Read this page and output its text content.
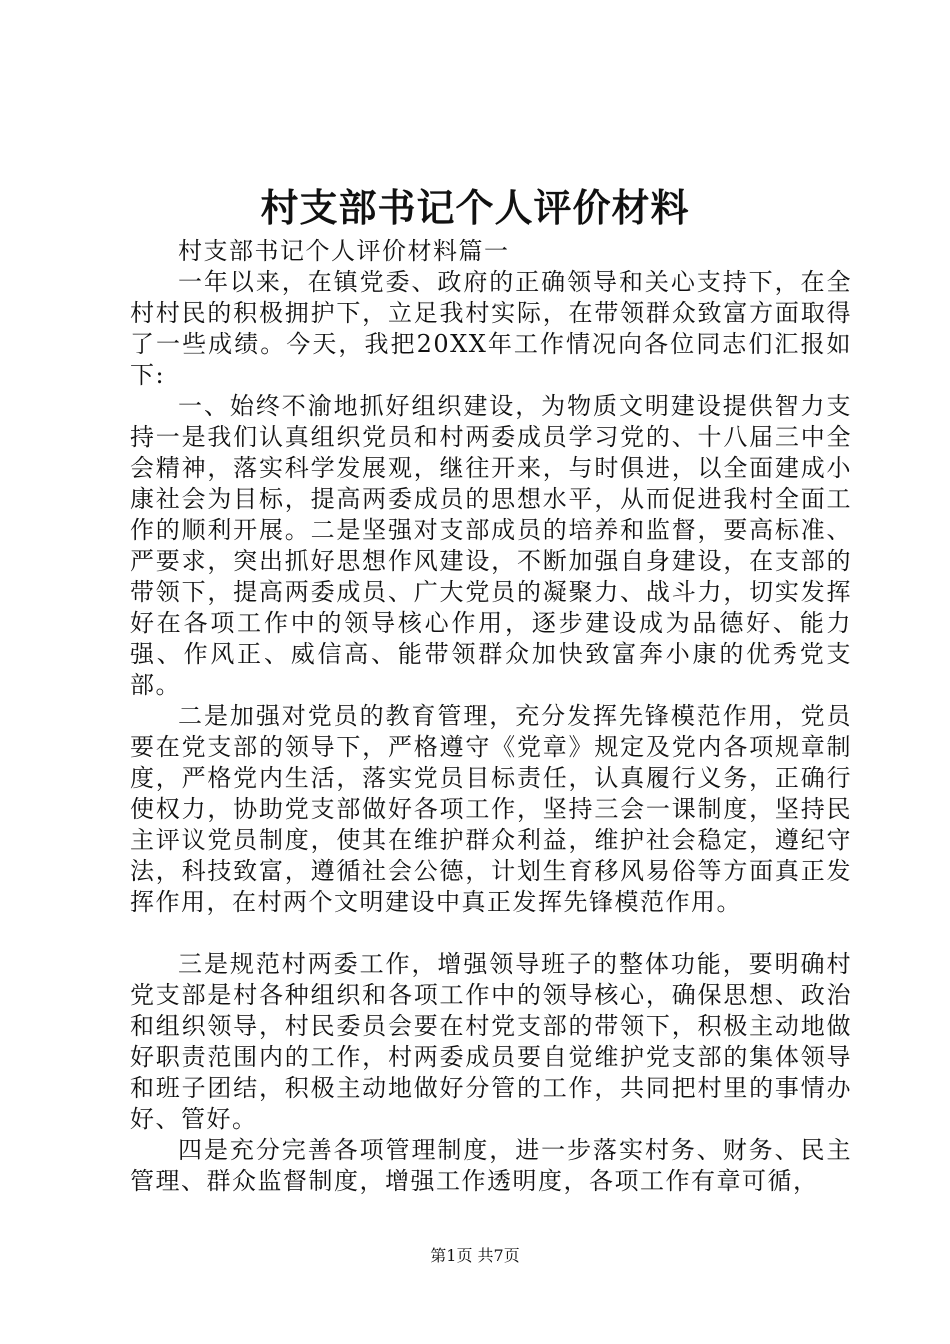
村支部书记个人评价材料

村支部书记个人评价材料篇一

一年以来，在镇党委、政府的正确领导和关心支持下，在全村村民的积极拥护下，立足我村实际，在带领群众致富方面取得了一些成绩。今天，我把20XX年工作情况向各位同志们汇报如下:

一、始终不渝地抓好组织建设，为物质文明建设提供智力支持一是我们认真组织党员和村两委成员学习党的、十八届三中全会精神，落实科学发展观，继往开来，与时俱进，以全面建成小康社会为目标，提高两委成员的思想水平，从而促进我村全面工作的顺利开展。二是坚强对支部成员的培养和监督，要高标准、严要求，突出抓好思想作风建设，不断加强自身建设，在支部的带领下，提高两委成员、广大党员的凝聚力、战斗力，切实发挥好在各项工作中的领导核心作用，逐步建设成为品德好、能力强、作风正、威信高、能带领群众加快致富奔小康的优秀党支部。

二是加强对党员的教育管理，充分发挥先锋模范作用，党员要在党支部的领导下，严格遵守《党章》规定及党内各项规章制度，严格党内生活，落实党员目标责任，认真履行义务，正确行使权力，协助党支部做好各项工作，坚持三会一课制度，坚持民主评议党员制度，使其在维护群众利益，维护社会稳定，遵纪守法，科技致富，遵循社会公德，计划生育移风易俗等方面真正发挥作用，在村两个文明建设中真正发挥先锋模范作用。

三是规范村两委工作，增强领导班子的整体功能，要明确村党支部是村各种组织和各项工作中的领导核心，确保思想、政治和组织领导，村民委员会要在村党支部的带领下，积极主动地做好职责范围内的工作，村两委成员要自觉维护党支部的集体领导和班子团结，积极主动地做好分管的工作，共同把村里的事情办好、管好。

四是充分完善各项管理制度，进一步落实村务、财务、民主管理、群众监督制度，增强工作透明度，各项工作有章可循，

第1页 共7页
